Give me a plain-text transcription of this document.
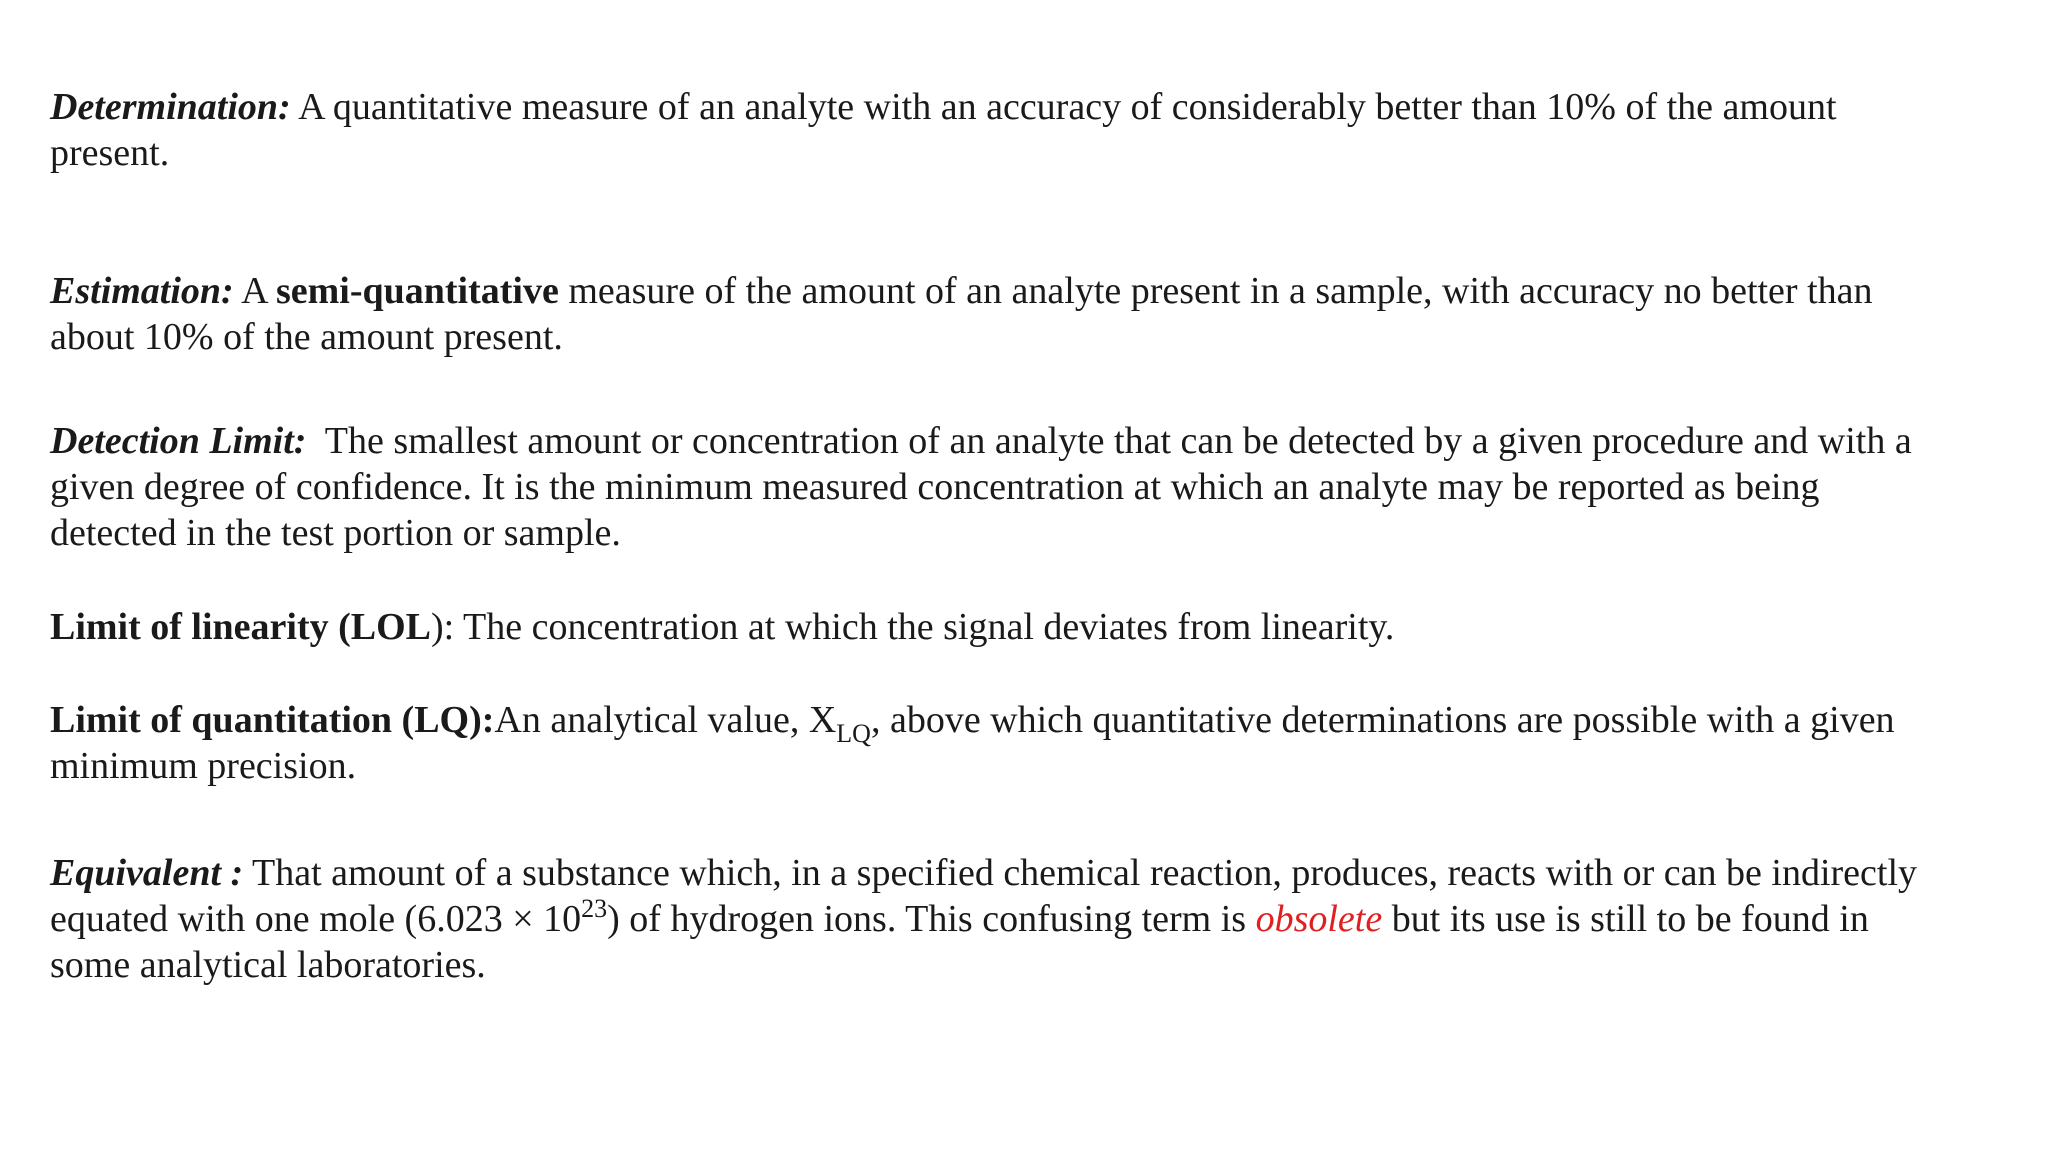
Determination: A quantitative measure of an analyte with an accuracy of considerably better than 10% of the amount present.

Estimation: A semi-quantitative measure of the amount of an analyte present in a sample, with accuracy no better than about 10% of the amount present.

Detection Limit:  The smallest amount or concentration of an analyte that can be detected by a given procedure and with a given degree of confidence. It is the minimum measured concentration at which an analyte may be reported as being detected in the test portion or sample.

Limit of linearity (LOL): The concentration at which the signal deviates from linearity.

Limit of quantitation (LQ):An analytical value, $X_{LQ}$, above which quantitative determinations are possible with a given minimum precision.

Equivalent : That amount of a substance which, in a specified chemical reaction, produces, reacts with or can be indirectly equated with one mole $(6.023 \times 10^{23})$ of hydrogen ions. This confusing term is obsolete but its use is still to be found in some analytical laboratories.
